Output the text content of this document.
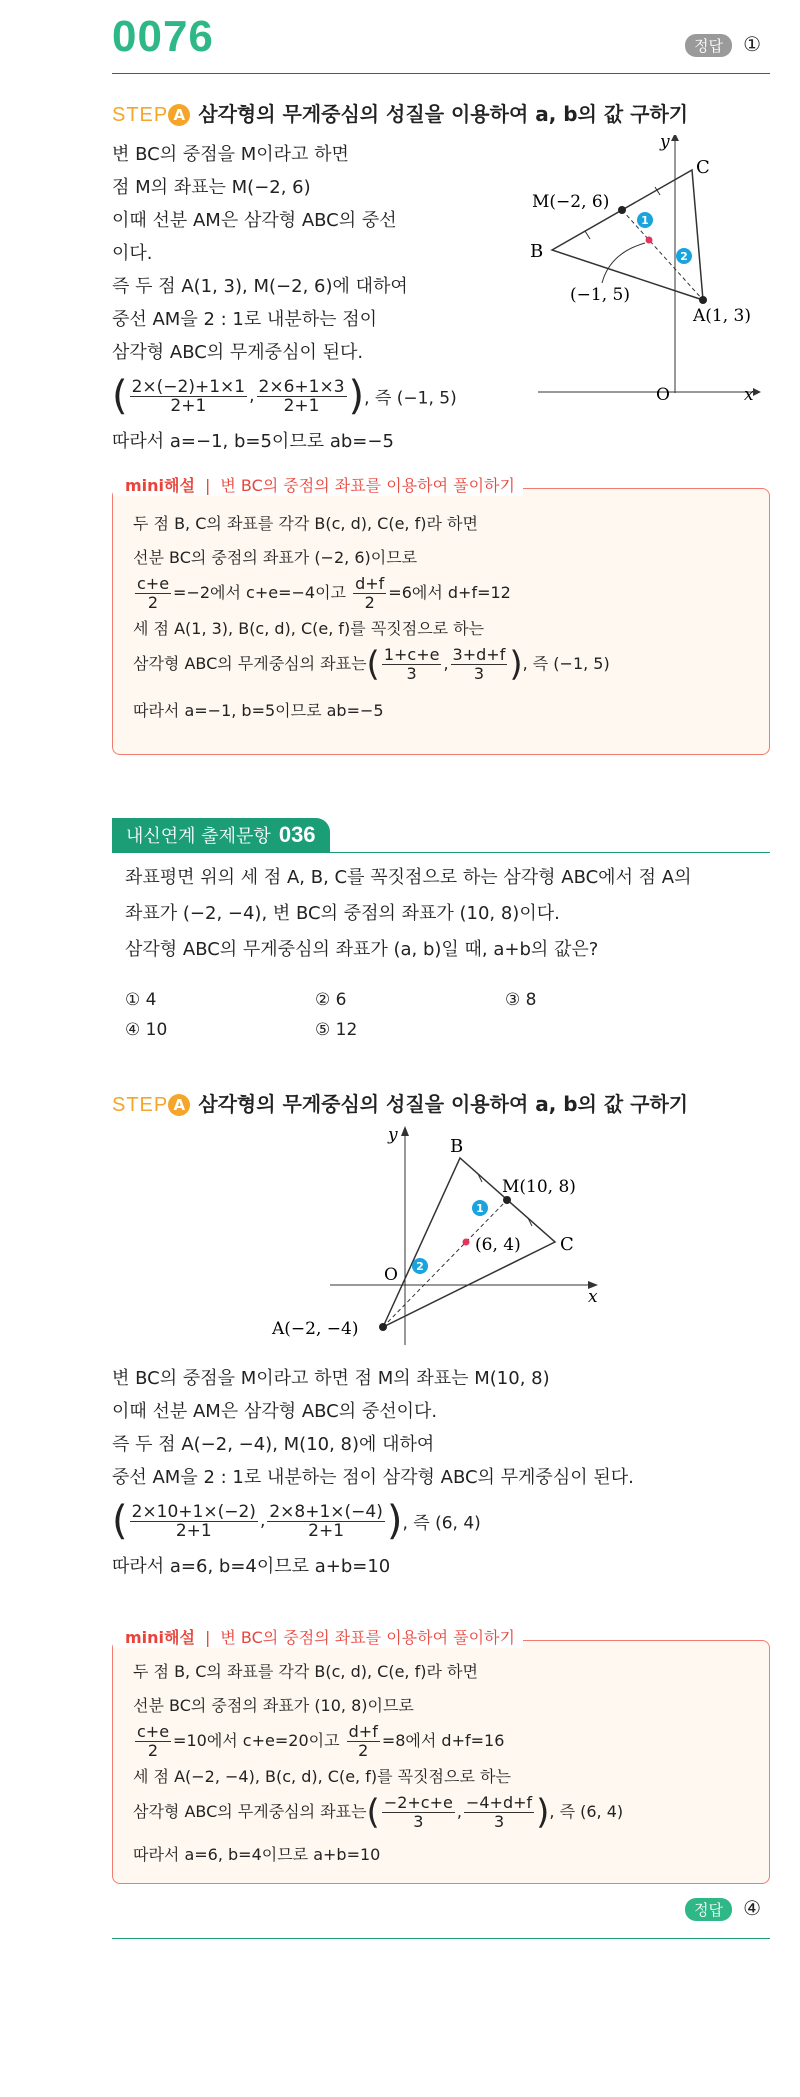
0076	정답 ①
STEP A 삼각형의 무게중심의 성질을 이용하여 a, b의 값 구하기
변 BC의 중점을 M이라고 하면
점 M의 좌표는 M(−2, 6)
이때 선분 AM은 삼각형 ABC의 중선
이다.
즉 두 점 A(1, 3), M(−2, 6)에 대하여
중선 AM을 2 : 1로 내분하는 점이
삼각형 ABC의 무게중심이 된다.
( $\frac{2\times(-2)+1\times 1}{2+1}$ , $\frac{2\times 6+1\times 3}{2+1}$ ), 즉 (−1, 5)
따라서 a=−1, b=5이므로 ab=−5
1
2
y
C
M(−2, 6)
B
(−1, 5)
A(1, 3)
O	x
mini해설 | 변 BC의 중점의 좌표를 이용하여 풀이하기
두 점 B, C의 좌표를 각각 B(c, d), C(e, f)라 하면
선분 BC의 중점의 좌표가 (−2, 6)이므로
$\frac{c+e}{2} =-2$에서 c+e=−4이고 $\frac{d+f}{2} =6$에서 d+f=12
세 점 A(1, 3), B(c, d), C(e, f)를 꼭짓점으로 하는
삼각형 ABC의 무게중심의 좌표는( $\frac{1+c+e}{3}$ , $\frac{3+d+f}{3}$ ), 즉 (−1, 5)
따라서 a=−1, b=5이므로 ab=−5
내신연계 출제문항 036
좌표평면 위의 세 점 A, B, C를 꼭짓점으로 하는 삼각형 ABC에서 점 A의
좌표가 (−2, −4), 변 BC의 중점의 좌표가 (10, 8)이다.
삼각형 ABC의 무게중심의 좌표가 (a, b)일 때, a+b의 값은?
① 4	② 6	③ 8
④ 10	⑤ 12
STEP A 삼각형의 무게중심의 성질을 이용하여 a, b의 값 구하기
1
2
y
B
M(10, 8)
(6, 4) C
O
x
A(−2, −4)
변 BC의 중점을 M이라고 하면 점 M의 좌표는 M(10, 8)
이때 선분 AM은 삼각형 ABC의 중선이다.
즉 두 점 A(−2, −4), M(10, 8)에 대하여
중선 AM을 2 : 1로 내분하는 점이 삼각형 ABC의 무게중심이 된다.
( $\frac{2\times 10+1\times(-2)}{2+1}$ , $\frac{2\times 8+1\times(-4)}{2+1}$ ), 즉 (6, 4)
따라서 a=6, b=4이므로 a+b=10
mini해설 | 변 BC의 중점의 좌표를 이용하여 풀이하기
두 점 B, C의 좌표를 각각 B(c, d), C(e, f)라 하면
선분 BC의 중점의 좌표가 (10, 8)이므로
$\frac{c+e}{2} =10$에서 c+e=20이고 $\frac{d+f}{2} =8$에서 d+f=16
세 점 A(−2, −4), B(c, d), C(e, f)를 꼭짓점으로 하는
삼각형 ABC의 무게중심의 좌표는( $\frac{-2+c+e}{3}$ , $\frac{-4+d+f}{3}$ ), 즉 (6, 4)
따라서 a=6, b=4이므로 a+b=10
정답 ④
